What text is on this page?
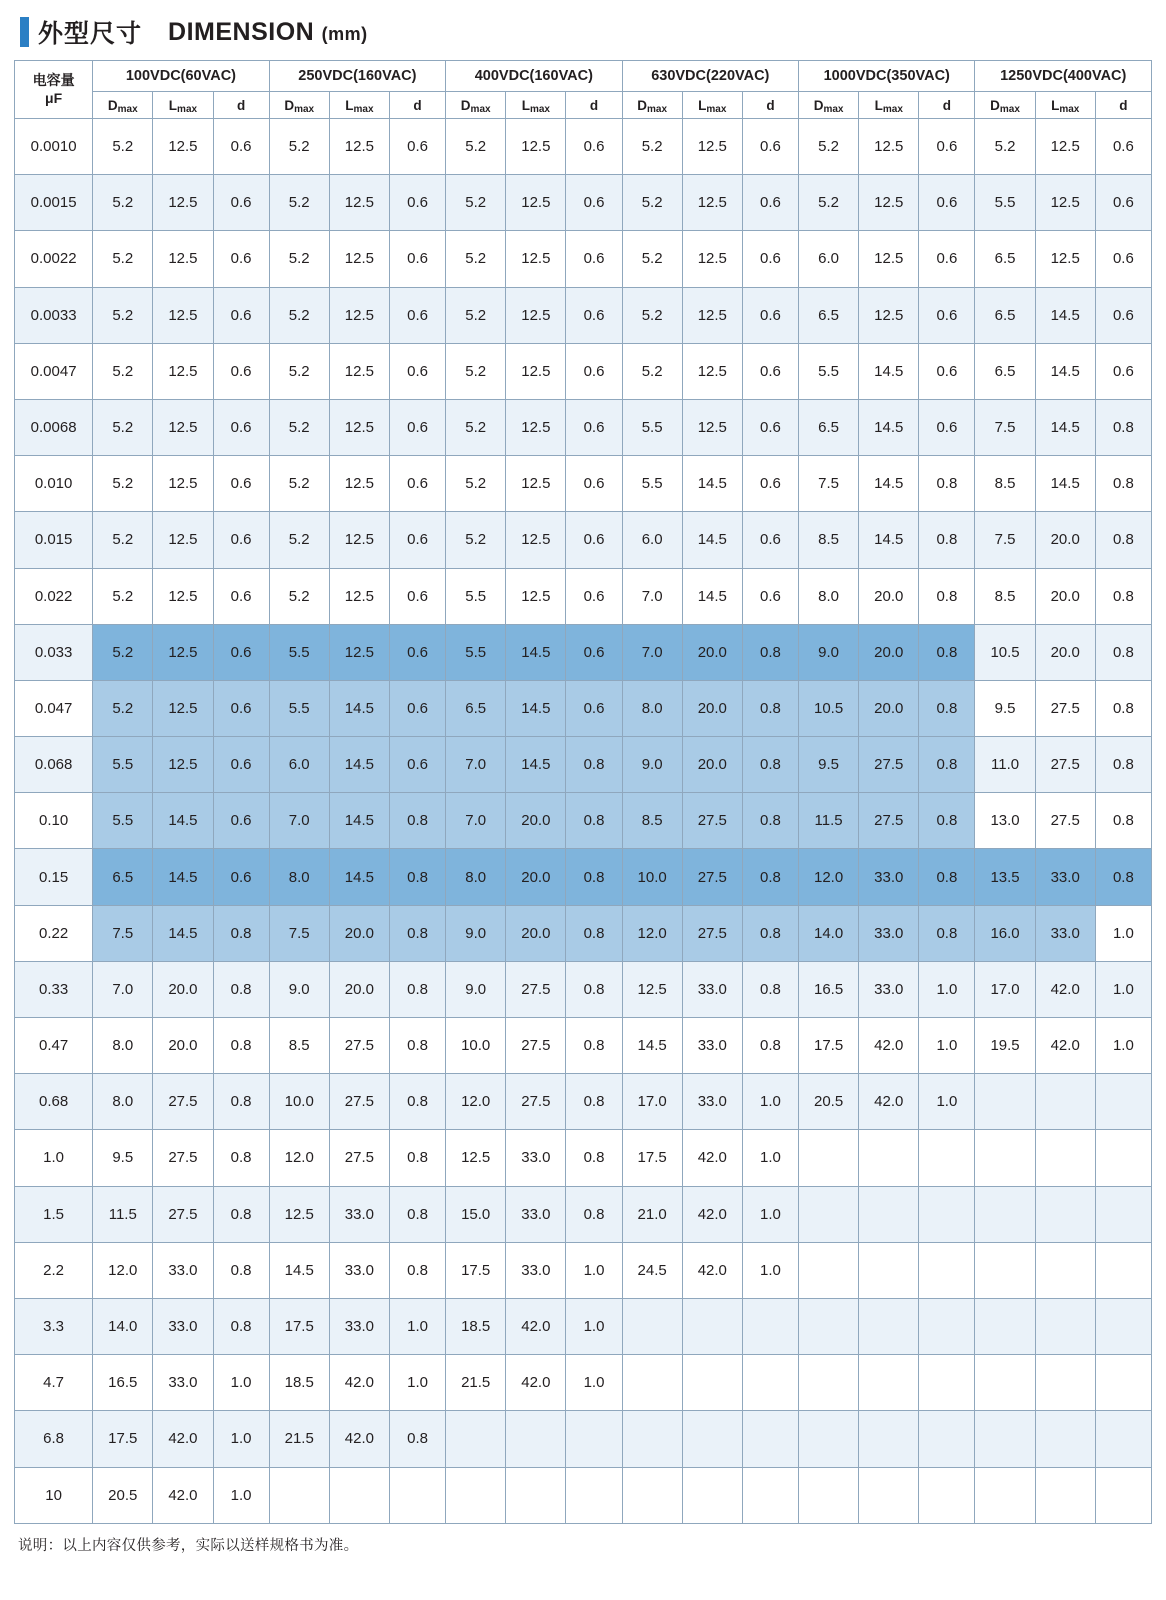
外型尺寸 DIMENSION (mm)
电容量
μF	100VDC(60VAC)			250VDC(160VAC)			400VDC(160VAC)			630VDC(220VAC)			1000VDC(350VAC)			1250VDC(400VAC)		
	$D_{max}$	$L_{max}$	d	$D_{max}$	$L_{max}$	d	$D_{max}$	$L_{max}$	d	$D_{max}$	$L_{max}$	d	$D_{max}$	$L_{max}$	d	$D_{max}$	$L_{max}$	d
0.0010	5.2	12.5	0.6	5.2	12.5	0.6	5.2	12.5	0.6	5.2	12.5	0.6	5.2	12.5	0.6	5.2	12.5	0.6
0.0015	5.2	12.5	0.6	5.2	12.5	0.6	5.2	12.5	0.6	5.2	12.5	0.6	5.2	12.5	0.6	5.5	12.5	0.6
0.0022	5.2	12.5	0.6	5.2	12.5	0.6	5.2	12.5	0.6	5.2	12.5	0.6	6.0	12.5	0.6	6.5	12.5	0.6
0.0033	5.2	12.5	0.6	5.2	12.5	0.6	5.2	12.5	0.6	5.2	12.5	0.6	6.5	12.5	0.6	6.5	14.5	0.6
0.0047	5.2	12.5	0.6	5.2	12.5	0.6	5.2	12.5	0.6	5.2	12.5	0.6	5.5	14.5	0.6	6.5	14.5	0.6
0.0068	5.2	12.5	0.6	5.2	12.5	0.6	5.2	12.5	0.6	5.5	12.5	0.6	6.5	14.5	0.6	7.5	14.5	0.8
0.010	5.2	12.5	0.6	5.2	12.5	0.6	5.2	12.5	0.6	5.5	14.5	0.6	7.5	14.5	0.8	8.5	14.5	0.8
0.015	5.2	12.5	0.6	5.2	12.5	0.6	5.2	12.5	0.6	6.0	14.5	0.6	8.5	14.5	0.8	7.5	20.0	0.8
0.022	5.2	12.5	0.6	5.2	12.5	0.6	5.5	12.5	0.6	7.0	14.5	0.6	8.0	20.0	0.8	8.5	20.0	0.8
0.033	5.2	12.5	0.6	5.5	12.5	0.6	5.5	14.5	0.6	7.0	20.0	0.8	9.0	20.0	0.8	10.5	20.0	0.8
0.047	5.2	12.5	0.6	5.5	14.5	0.6	6.5	14.5	0.6	8.0	20.0	0.8	10.5	20.0	0.8	9.5	27.5	0.8
0.068	5.5	12.5	0.6	6.0	14.5	0.6	7.0	14.5	0.8	9.0	20.0	0.8	9.5	27.5	0.8	11.0	27.5	0.8
0.10	5.5	14.5	0.6	7.0	14.5	0.8	7.0	20.0	0.8	8.5	27.5	0.8	11.5	27.5	0.8	13.0	27.5	0.8
0.15	6.5	14.5	0.6	8.0	14.5	0.8	8.0	20.0	0.8	10.0	27.5	0.8	12.0	33.0	0.8	13.5	33.0	0.8
0.22	7.5	14.5	0.8	7.5	20.0	0.8	9.0	20.0	0.8	12.0	27.5	0.8	14.0	33.0	0.8	16.0	33.0	1.0
0.33	7.0	20.0	0.8	9.0	20.0	0.8	9.0	27.5	0.8	12.5	33.0	0.8	16.5	33.0	1.0	17.0	42.0	1.0
0.47	8.0	20.0	0.8	8.5	27.5	0.8	10.0	27.5	0.8	14.5	33.0	0.8	17.5	42.0	1.0	19.5	42.0	1.0
0.68	8.0	27.5	0.8	10.0	27.5	0.8	12.0	27.5	0.8	17.0	33.0	1.0	20.5	42.0	1.0			
1.0	9.5	27.5	0.8	12.0	27.5	0.8	12.5	33.0	0.8	17.5	42.0	1.0						
1.5	11.5	27.5	0.8	12.5	33.0	0.8	15.0	33.0	0.8	21.0	42.0	1.0						
2.2	12.0	33.0	0.8	14.5	33.0	0.8	17.5	33.0	1.0	24.5	42.0	1.0						
3.3	14.0	33.0	0.8	17.5	33.0	1.0	18.5	42.0	1.0									
4.7	16.5	33.0	1.0	18.5	42.0	1.0	21.5	42.0	1.0									
6.8	17.5	42.0	1.0	21.5	42.0	0.8												
10	20.5	42.0	1.0															
说明：以上内容仅供参考，实际以送样规格书为准。
